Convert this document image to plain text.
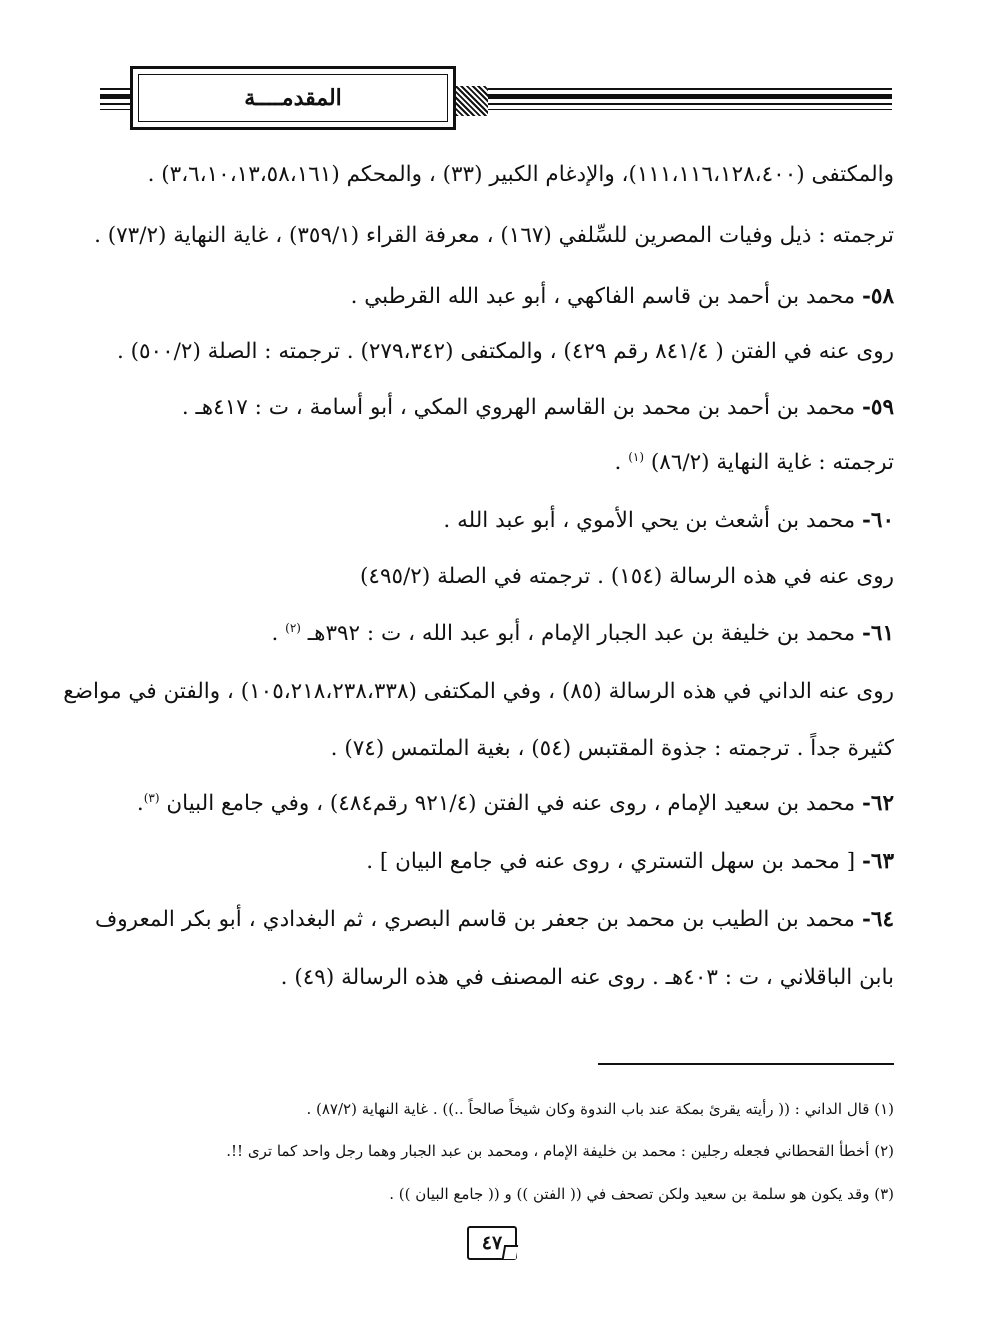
المقدمــــة
والمكتفى (١١١،١١٦،١٢٨،٤٠٠)، والإدغام الكبير (٣٣) ، والمحكم (٣،٦،١٠،١٣،٥٨،١٦١) .
ترجمته : ذيل وفيات المصرين للسِّلفي (١٦٧) ، معرفة القراء (٣٥٩/١) ، غاية النهاية (٧٣/٢) .
٥٨- محمد بن أحمد بن قاسم الفاكهي ، أبو عبد الله القرطبي .
روى عنه في الفتن ( ٨٤١/٤ رقم ٤٢٩) ، والمكتفى (٢٧٩،٣٤٢) . ترجمته : الصلة (٥٠٠/٢) .
٥٩- محمد بن أحمد بن محمد بن القاسم الهروي المكي ، أبو أسامة ، ت : ٤١٧هـ .
ترجمته : غاية النهاية (٨٦/٢) $^{(١)}$ .
٦٠- محمد بن أشعث بن يحي الأموي ، أبو عبد الله .
روى عنه في هذه الرسالة (١٥٤) . ترجمته في الصلة (٤٩٥/٢)
٦١- محمد بن خليفة بن عبد الجبار الإمام ، أبو عبد الله ، ت : ٣٩٢هـ $^{(٢)}$ .
روى عنه الداني في هذه الرسالة (٨٥) ، وفي المكتفى (١٠٥،٢١٨،٢٣٨،٣٣٨) ، والفتن في مواضع
كثيرة جداً . ترجمته : جذوة المقتبس (٥٤) ، بغية الملتمس (٧٤) .
٦٢- محمد بن سعيد الإمام ، روى عنه في الفتن (٩٢١/٤ رقم٤٨٤) ، وفي جامع البيان $^{(٣)}$.
٦٣- [ محمد بن سهل التستري ، روى عنه في جامع البيان ] .
٦٤- محمد بن الطيب بن محمد بن جعفر بن قاسم البصري ، ثم البغدادي ، أبو بكر المعروف
بابن الباقلاني ، ت : ٤٠٣هـ . روى عنه المصنف في هذه الرسالة (٤٩) .
(١) قال الداني : (( رأيته يقرئ بمكة عند باب الندوة وكان شيخاً صالحاً ..)) . غاية النهاية (٨٧/٢) .
(٢) أخطأ القحطاني فجعله رجلين : محمد بن خليفة الإمام ، ومحمد بن عبد الجبار وهما رجل واحد كما ترى !!.
(٣) وقد يكون هو سلمة بن سعيد ولكن تصحف في (( الفتن )) و (( جامع البيان )) .
٤٧
